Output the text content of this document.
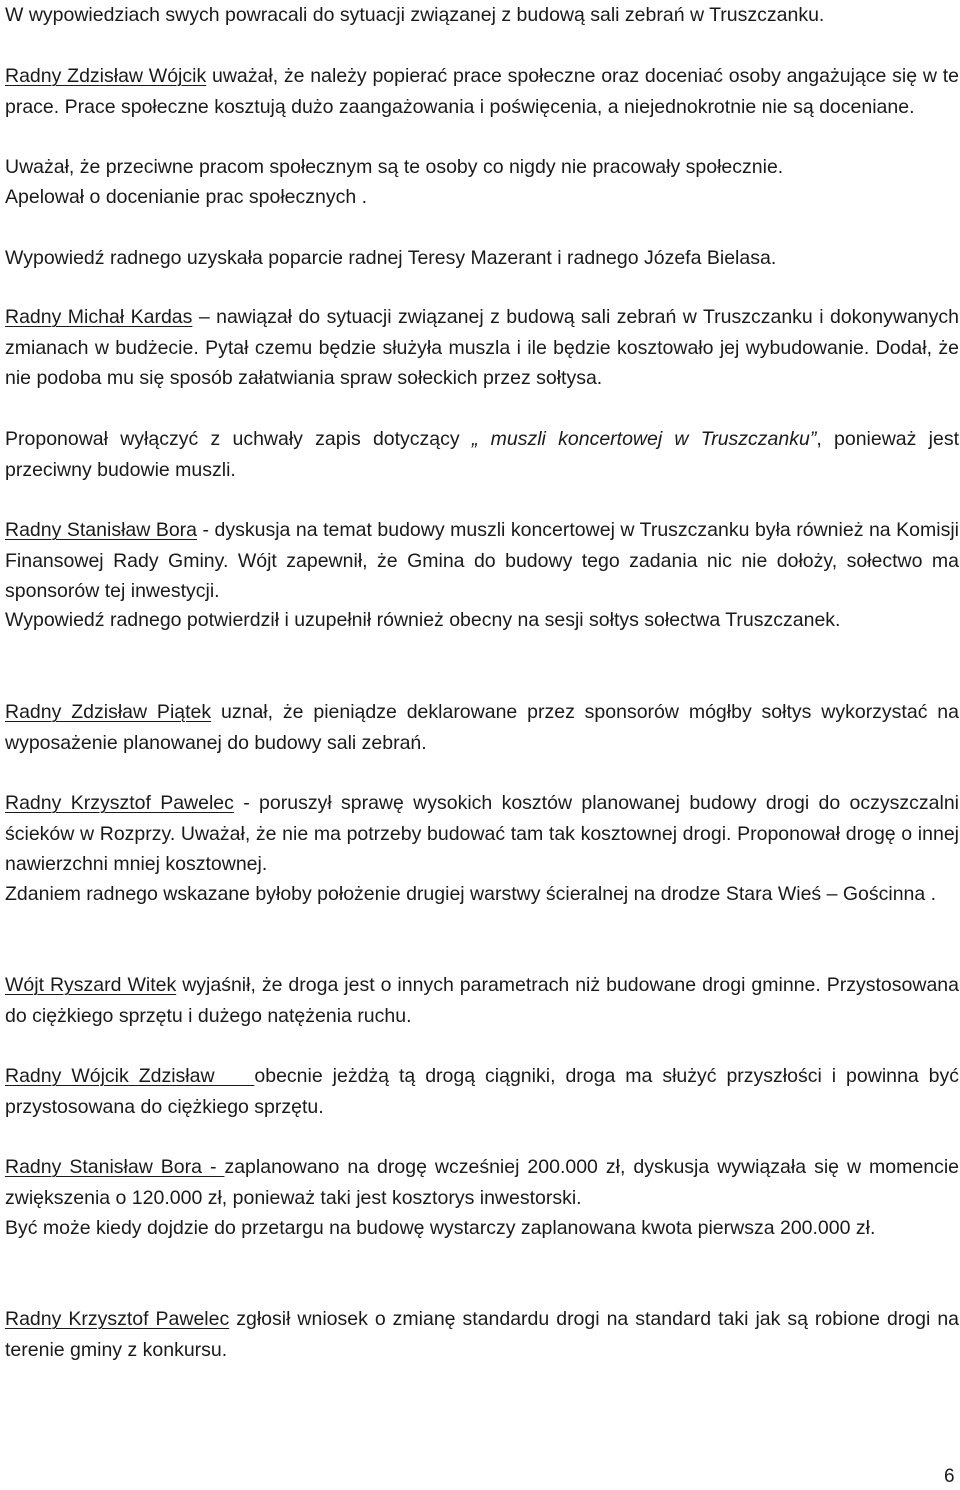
W wypowiedziach swych powracali do sytuacji związanej z budową sali zebrań w Truszczanku.

Radny Zdzisław Wójcik uważał, że należy popierać prace społeczne oraz doceniać osoby angażujące się w te prace. Prace społeczne kosztują dużo zaangażowania i poświęcenia, a niejednokrotnie nie są doceniane.

Uważał, że przeciwne pracom społecznym są te osoby co nigdy nie pracowały społecznie.

Apelował o docenianie prac społecznych .

Wypowiedź radnego uzyskała poparcie radnej Teresy Mazerant i radnego Józefa Bielasa.

Radny Michał Kardas – nawiązał do sytuacji związanej z budową sali zebrań w Truszczanku i dokonywanych zmianach w budżecie. Pytał czemu będzie służyła muszla i ile będzie kosztowało jej wybudowanie. Dodał, że nie podoba mu się sposób załatwiania spraw sołeckich przez sołtysa.

Proponował wyłączyć z uchwały zapis dotyczący „ muszli koncertowej w Truszczanku”, ponieważ jest przeciwny budowie muszli.

Radny Stanisław Bora - dyskusja na temat budowy muszli koncertowej w Truszczanku była również na Komisji Finansowej Rady Gminy. Wójt zapewnił, że Gmina do budowy tego zadania nic nie dołoży, sołectwo ma sponsorów tej inwestycji.

Wypowiedź radnego potwierdził i uzupełnił również obecny na sesji sołtys sołectwa Truszczanek.

Radny Zdzisław Piątek uznał, że pieniądze deklarowane przez sponsorów mógłby sołtys wykorzystać na wyposażenie planowanej do budowy sali zebrań.

Radny Krzysztof Pawelec - poruszył sprawę wysokich kosztów planowanej budowy drogi do oczyszczalni ścieków w Rozprzy. Uważał, że nie ma potrzeby budować tam tak kosztownej drogi. Proponował drogę o innej nawierzchni mniej kosztownej.

Zdaniem radnego wskazane byłoby położenie drugiej warstwy ścieralnej na drodze Stara Wieś – Gościnna .

Wójt Ryszard Witek wyjaśnił, że droga jest o innych parametrach niż budowane drogi gminne. Przystosowana do ciężkiego sprzętu i dużego natężenia ruchu.

Radny Wójcik Zdzisław    obecnie jeżdżą tą drogą ciągniki, droga ma służyć przyszłości i powinna być przystosowana do ciężkiego sprzętu.

Radny Stanisław Bora - zaplanowano na drogę wcześniej 200.000 zł, dyskusja wywiązała się w momencie zwiększenia o 120.000 zł, ponieważ taki jest kosztorys inwestorski.

Być może kiedy dojdzie do przetargu na budowę wystarczy zaplanowana kwota pierwsza 200.000 zł.

Radny Krzysztof Pawelec zgłosił wniosek o zmianę standardu drogi na standard taki jak są robione drogi na terenie gminy z konkursu.

6
